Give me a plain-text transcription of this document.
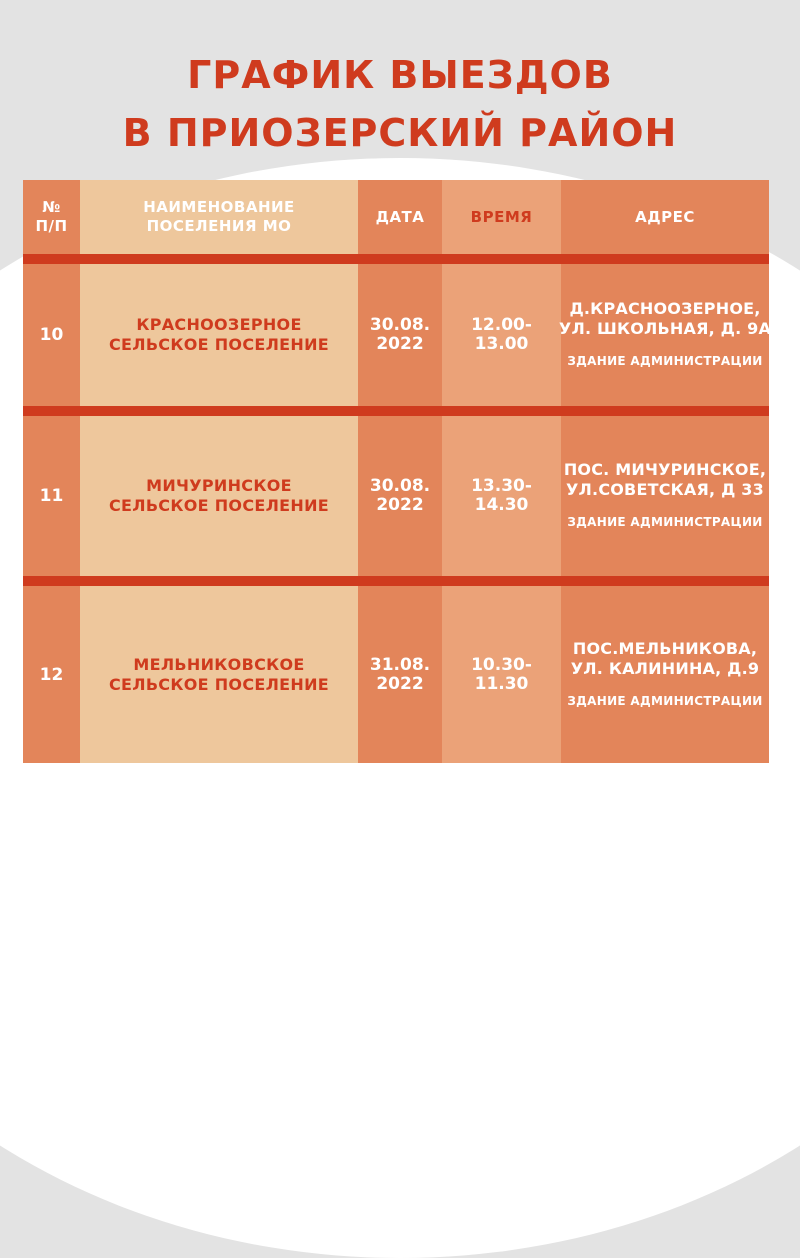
ГРАФИК ВЫЕЗДОВ
В ПРИОЗЕРСКИЙ РАЙОН
№
П/П
НАИМЕНОВАНИЕ
ПОСЕЛЕНИЯ МО
ДАТА	ВРЕМЯ	АДРЕС
10
КРАСНООЗЕРНОЕ
СЕЛЬСКОЕ ПОСЕЛЕНИЕ
30.08.
2022
12.00-
13.00
Д.КРАСНООЗЕРНОЕ,
УЛ. ШКОЛЬНАЯ, Д. 9А
ЗДАНИЕ АДМИНИСТРАЦИИ
11
МИЧУРИНСКОЕ
СЕЛЬСКОЕ ПОСЕЛЕНИЕ
30.08.
2022
13.30-
14.30
ПОС. МИЧУРИНСКОЕ,
УЛ.СОВЕТСКАЯ, Д 33
ЗДАНИЕ АДМИНИСТРАЦИИ
12
МЕЛЬНИКОВСКОЕ
СЕЛЬСКОЕ ПОСЕЛЕНИЕ
31.08.
2022
10.30-
11.30
ПОС.МЕЛЬНИКОВА,
УЛ. КАЛИНИНА, Д.9
ЗДАНИЕ АДМИНИСТРАЦИИ
